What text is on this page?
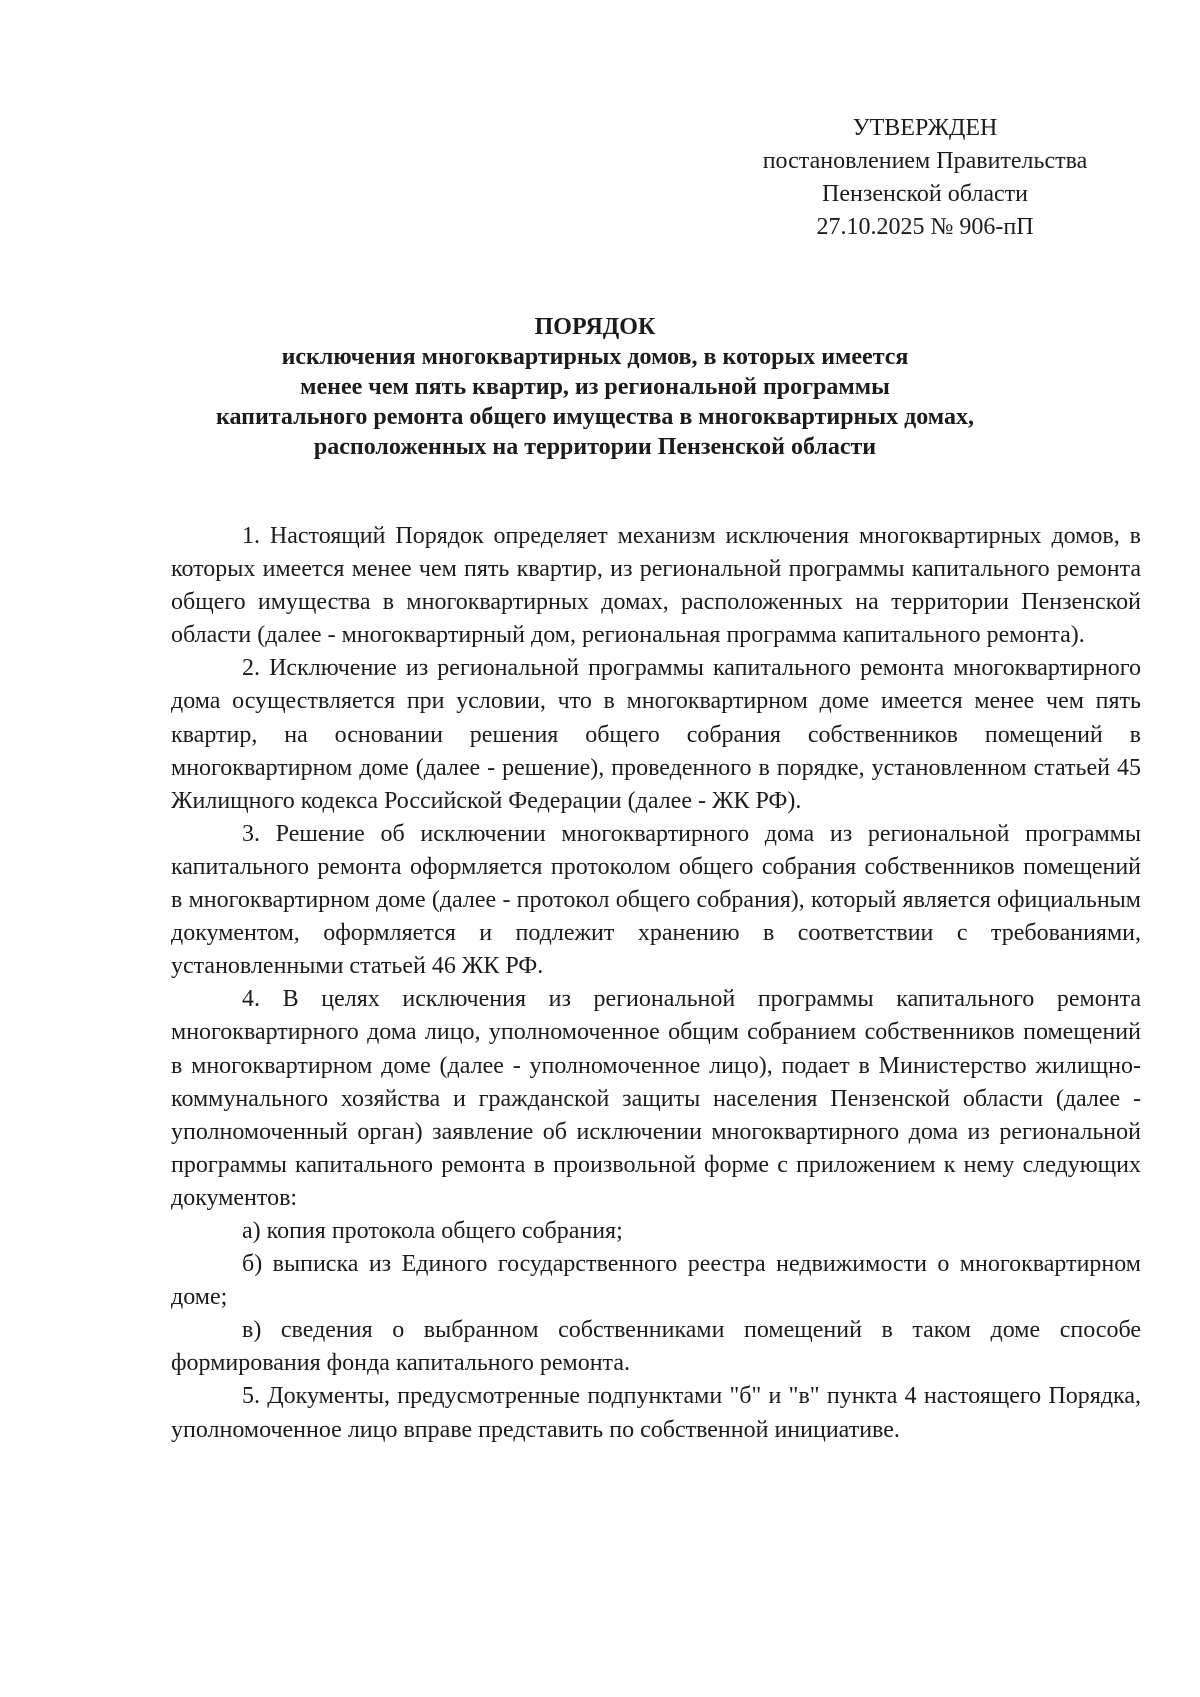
УТВЕРЖДЕН
постановлением Правительства
Пензенской области
27.10.2025 № 906-пП
ПОРЯДОК
исключения многоквартирных домов, в которых имеется
менее чем пять квартир, из региональной программы
капитального ремонта общего имущества в многоквартирных домах,
расположенных на территории Пензенской области

1. Настоящий Порядок определяет механизм исключения многоквартирных домов, в которых имеется менее чем пять квартир, из региональной программы капитального ремонта общего имущества в многоквартирных домах, расположенных на территории Пензенской области (далее - многоквартирный дом, региональная программа капитального ремонта).

2. Исключение из региональной программы капитального ремонта многоквартирного дома осуществляется при условии, что в многоквартирном доме имеется менее чем пять квартир, на основании решения общего собрания собственников помещений в многоквартирном доме (далее - решение), проведенного в порядке, установленном статьей 45 Жилищного кодекса Российской Федерации (далее - ЖК РФ).

3. Решение об исключении многоквартирного дома из региональной программы капитального ремонта оформляется протоколом общего собрания собственников помещений в многоквартирном доме (далее - протокол общего собрания), который является официальным документом, оформляется и подлежит хранению в соответствии с требованиями, установленными статьей 46 ЖК РФ.

4. В целях исключения из региональной программы капитального ремонта многоквартирного дома лицо, уполномоченное общим собранием собственников помещений в многоквартирном доме (далее - уполномоченное лицо), подает в Министерство жилищно-коммунального хозяйства и гражданской защиты населения Пензенской области (далее - уполномоченный орган) заявление об исключении многоквартирного дома из региональной программы капитального ремонта в произвольной форме с приложением к нему следующих документов:

а) копия протокола общего собрания;

б) выписка из Единого государственного реестра недвижимости о многоквартирном доме;

в) сведения о выбранном собственниками помещений в таком доме способе формирования фонда капитального ремонта.

5. Документы, предусмотренные подпунктами "б" и "в" пункта 4 настоящего Порядка, уполномоченное лицо вправе представить по собственной инициативе.
